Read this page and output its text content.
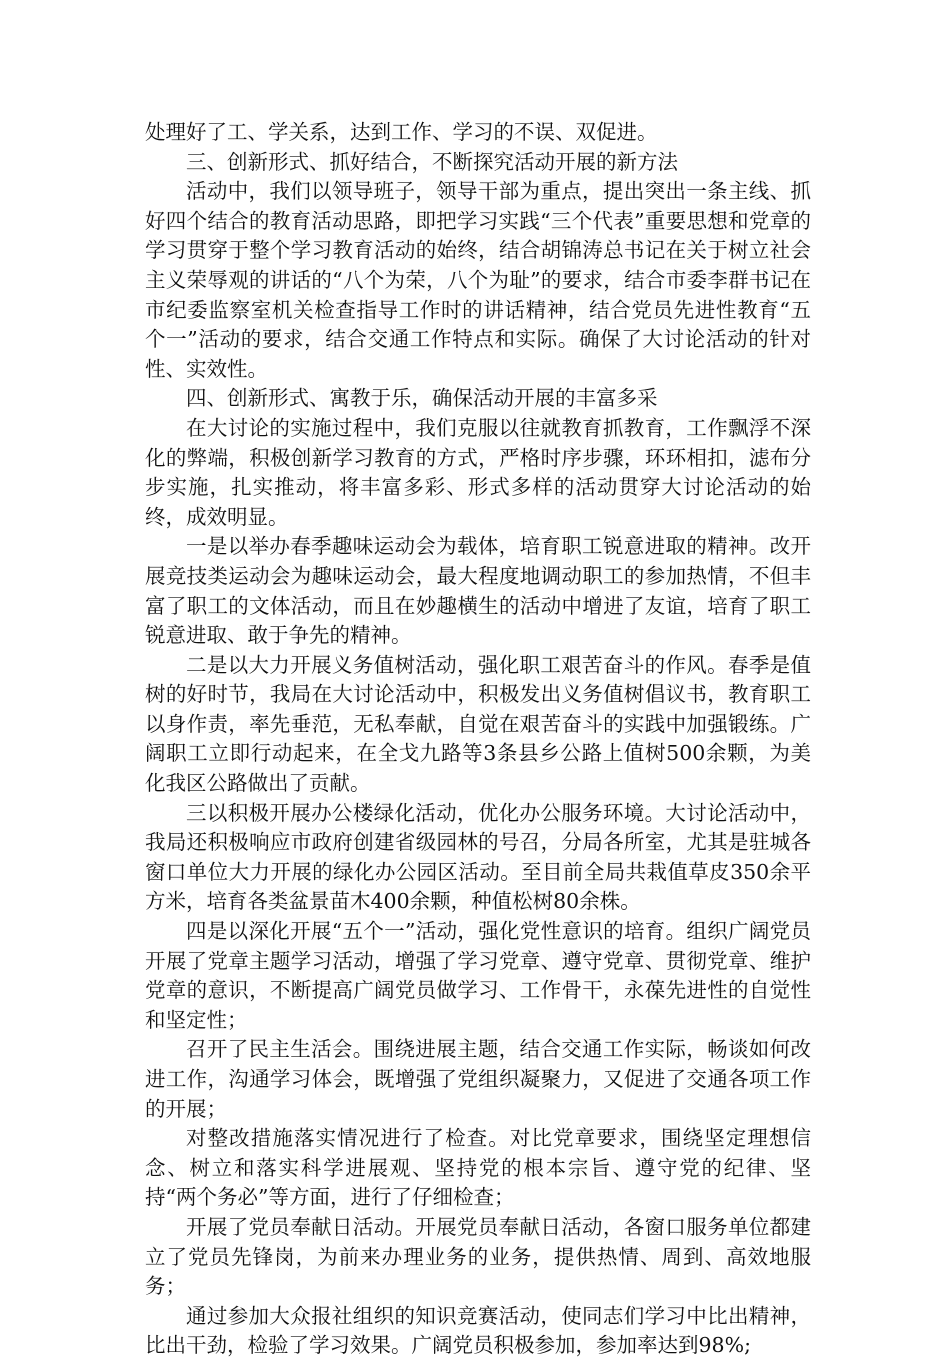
处理好了工、学关系，达到工作、学习的不误、双促进。

三、创新形式、抓好结合，不断探究活动开展的新方法

活动中，我们以领导班子，领导干部为重点，提出突出一条主线、抓好四个结合的教育活动思路，即把学习实践“三个代表”重要思想和党章的学习贯穿于整个学习教育活动的始终，结合胡锦涛总书记在关于树立社会主义荣辱观的讲话的“八个为荣，八个为耻”的要求，结合市委李群书记在市纪委监察室机关检查指导工作时的讲话精神，结合党员先进性教育“五个一”活动的要求，结合交通工作特点和实际。确保了大讨论活动的针对性、实效性。

四、创新形式、寓教于乐，确保活动开展的丰富多采

在大讨论的实施过程中，我们克服以往就教育抓教育，工作飘浮不深化的弊端，积极创新学习教育的方式，严格时序步骤，环环相扣，滤布分步实施，扎实推动，将丰富多彩、形式多样的活动贯穿大讨论活动的始终，成效明显。

一是以举办春季趣味运动会为载体，培育职工锐意进取的精神。改开展竞技类运动会为趣味运动会，最大程度地调动职工的参加热情，不但丰富了职工的文体活动，而且在妙趣横生的活动中增进了友谊，培育了职工锐意进取、敢于争先的精神。

二是以大力开展义务值树活动，强化职工艰苦奋斗的作风。春季是值树的好时节，我局在大讨论活动中，积极发出义务值树倡议书，教育职工以身作责，率先垂范，无私奉献，自觉在艰苦奋斗的实践中加强锻练。广阔职工立即行动起来，在全戈九路等3条县乡公路上值树500余颗，为美化我区公路做出了贡献。

三以积极开展办公楼绿化活动，优化办公服务环境。大讨论活动中，我局还积极响应市政府创建省级园林的号召，分局各所室，尤其是驻城各窗口单位大力开展的绿化办公园区活动。至目前全局共栽值草皮350余平方米，培育各类盆景苗木400余颗，种值松树80余株。

四是以深化开展“五个一”活动，强化党性意识的培育。组织广阔党员开展了党章主题学习活动，增强了学习党章、遵守党章、贯彻党章、维护党章的意识，不断提高广阔党员做学习、工作骨干，永葆先进性的自觉性和坚定性；

召开了民主生活会。围绕进展主题，结合交通工作实际，畅谈如何改进工作，沟通学习体会，既增强了党组织凝聚力，又促进了交通各项工作的开展；

对整改措施落实情况进行了检查。对比党章要求，围绕坚定理想信念、树立和落实科学进展观、坚持党的根本宗旨、遵守党的纪律、坚持“两个务必”等方面，进行了仔细检查；

开展了党员奉献日活动。开展党员奉献日活动，各窗口服务单位都建立了党员先锋岗，为前来办理业务的业务，提供热情、周到、高效地服务；

通过参加大众报社组织的知识竞赛活动，使同志们学习中比出精神，比出干劲，检验了学习效果。广阔党员积极参加，参加率达到98%;
